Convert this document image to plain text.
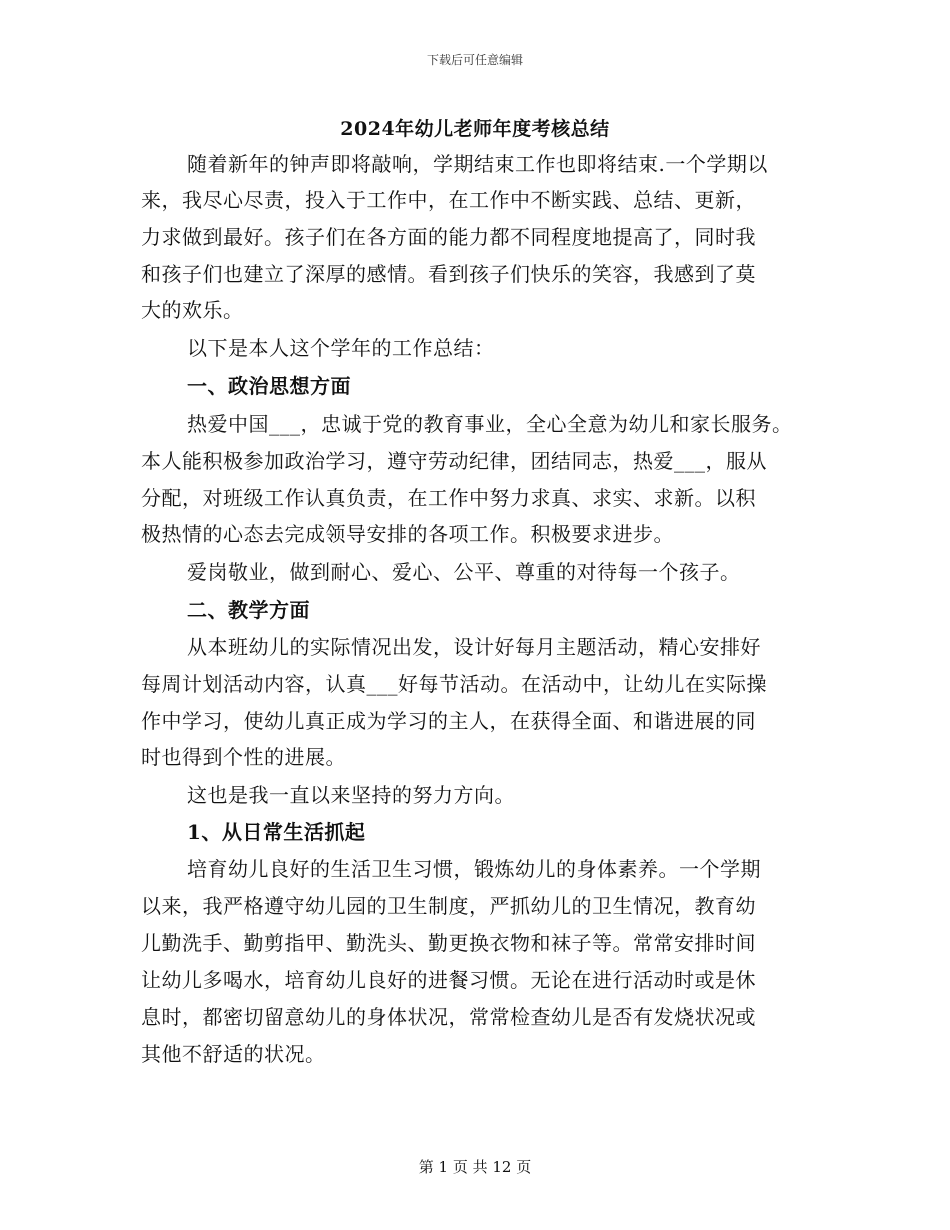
下载后可任意编辑
2024年幼儿老师年度考核总结
随着新年的钟声即将敲响，学期结束工作也即将结束.一个学期以
来，我尽心尽责，投入于工作中，在工作中不断实践、总结、更新，
力求做到最好。孩子们在各方面的能力都不同程度地提高了，同时我
和孩子们也建立了深厚的感情。看到孩子们快乐的笑容，我感到了莫
大的欢乐。
以下是本人这个学年的工作总结：
一、政治思想方面
热爱中国___，忠诚于党的教育事业，全心全意为幼儿和家长服务。
本人能积极参加政治学习，遵守劳动纪律，团结同志，热爱___，服从
分配，对班级工作认真负责，在工作中努力求真、求实、求新。以积
极热情的心态去完成领导安排的各项工作。积极要求进步。
爱岗敬业，做到耐心、爱心、公平、尊重的对待每一个孩子。
二、教学方面
从本班幼儿的实际情况出发，设计好每月主题活动，精心安排好
每周计划活动内容，认真___好每节活动。在活动中，让幼儿在实际操
作中学习，使幼儿真正成为学习的主人，在获得全面、和谐进展的同
时也得到个性的进展。
这也是我一直以来坚持的努力方向。
1、从日常生活抓起
培育幼儿良好的生活卫生习惯，锻炼幼儿的身体素养。一个学期
以来，我严格遵守幼儿园的卫生制度，严抓幼儿的卫生情况，教育幼
儿勤洗手、勤剪指甲、勤洗头、勤更换衣物和袜子等。常常安排时间
让幼儿多喝水，培育幼儿良好的进餐习惯。无论在进行活动时或是休
息时，都密切留意幼儿的身体状况，常常检查幼儿是否有发烧状况或
其他不舒适的状况。
第 1 页 共 12 页
